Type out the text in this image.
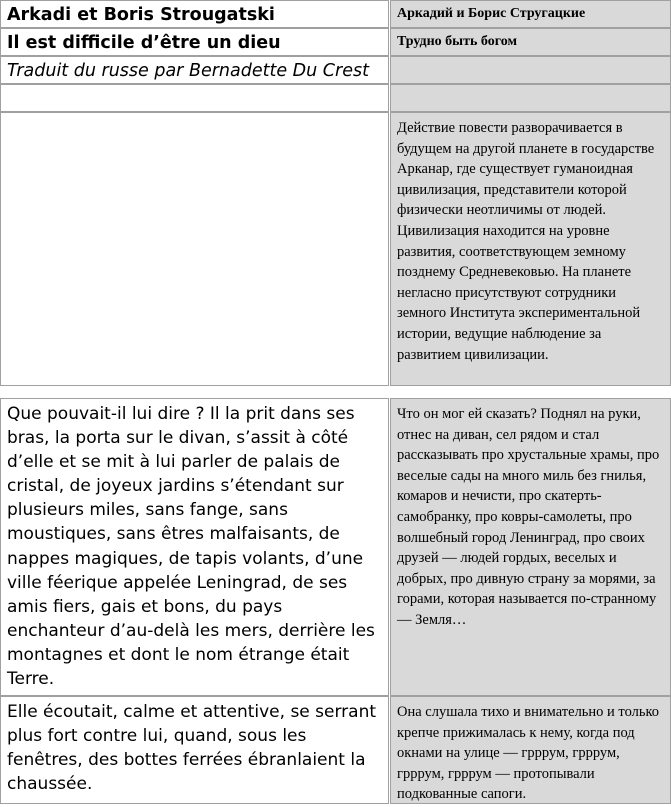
Arkadi et Boris Strougatski	Аркадий и Борис Стругацкие
Il est difficile d’être un dieu	Трудно быть богом
Traduit du russe par Bernadette Du Crest
Действие повести разворачивается в будущем на другой планете в государстве Арканар, где существует гуманоидная цивилизация, представители которой физически неотличимы от людей. Цивилизация находится на уровне развития, соответствующем земному позднему Средневековью. На планете негласно присутствуют сотрудники земного Института экспериментальной истории, ведущие наблюдение за развитием цивилизации.
Que pouvait-il lui dire ? Il la prit dans ses bras, la porta sur le divan, s’assit à côté d’elle et se mit à lui parler de palais de cristal, de joyeux jardins s’étendant sur plusieurs miles, sans fange, sans moustiques, sans êtres malfaisants, de nappes magiques, de tapis volants, d’une ville féerique appelée Leningrad, de ses amis fiers, gais et bons, du pays enchanteur d’au-delà les mers, derrière les montagnes et dont le nom étrange était Terre.
Что он мог ей сказать? Поднял на руки, отнес на диван, сел рядом и стал рассказывать про хрустальные храмы, про веселые сады на много миль без гнилья, комаров и нечисти, про скатерть-самобранку, про ковры-самолеты, про волшебный город Ленинград, про своих друзей — людей гордых, веселых и добрых, про дивную страну за морями, за горами, которая называется по-странному — Земля…
Elle écoutait, calme et attentive, se serrant plus fort contre lui, quand, sous les fenêtres, des bottes ferrées ébranlaient la chaussée.
Она слушала тихо и внимательно и только крепче прижималась к нему, когда под окнами на улице — грррум, грррум, грррум, грррум — протопывали подкованные сапоги.
